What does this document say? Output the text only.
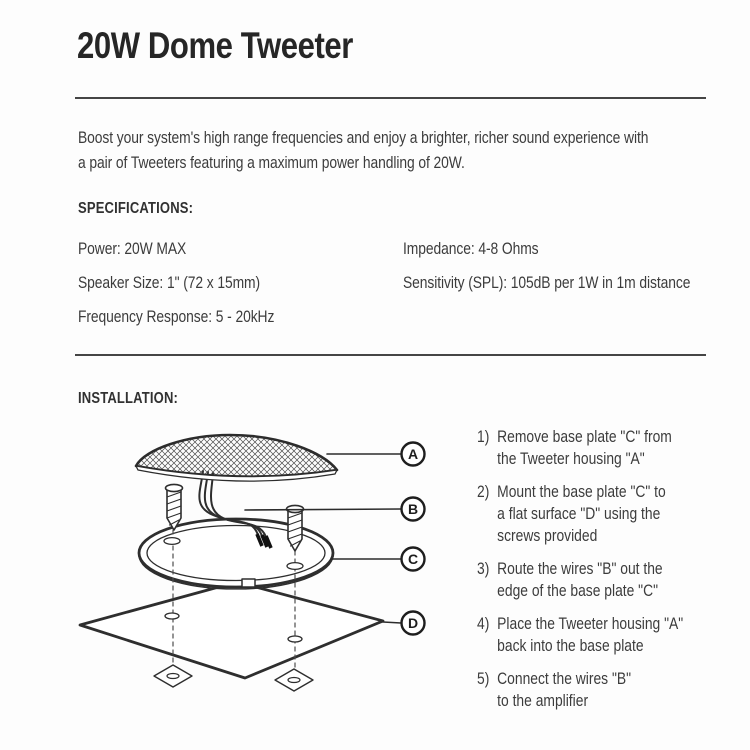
20W Dome Tweeter

Boost your system's high range frequencies and enjoy a brighter, richer sound experience with
a pair of Tweeters featuring a maximum power handling of 20W.

SPECIFICATIONS:
Power: 20W MAX
Speaker Size: 1" (72 x 15mm)
Frequency Response: 5 - 20kHz
Impedance: 4-8 Ohms
Sensitivity (SPL): 105dB per 1W in 1m distance
INSTALLATION:
A
B
C
D
1) Remove base plate "C" from
the Tweeter housing "A"
2) Mount the base plate "C" to
a flat surface "D" using the
screws provided
3) Route the wires "B" out the
edge of the base plate "C"
4) Place the Tweeter housing "A"
back into the base plate
5) Connect the wires "B"
to the amplifier
